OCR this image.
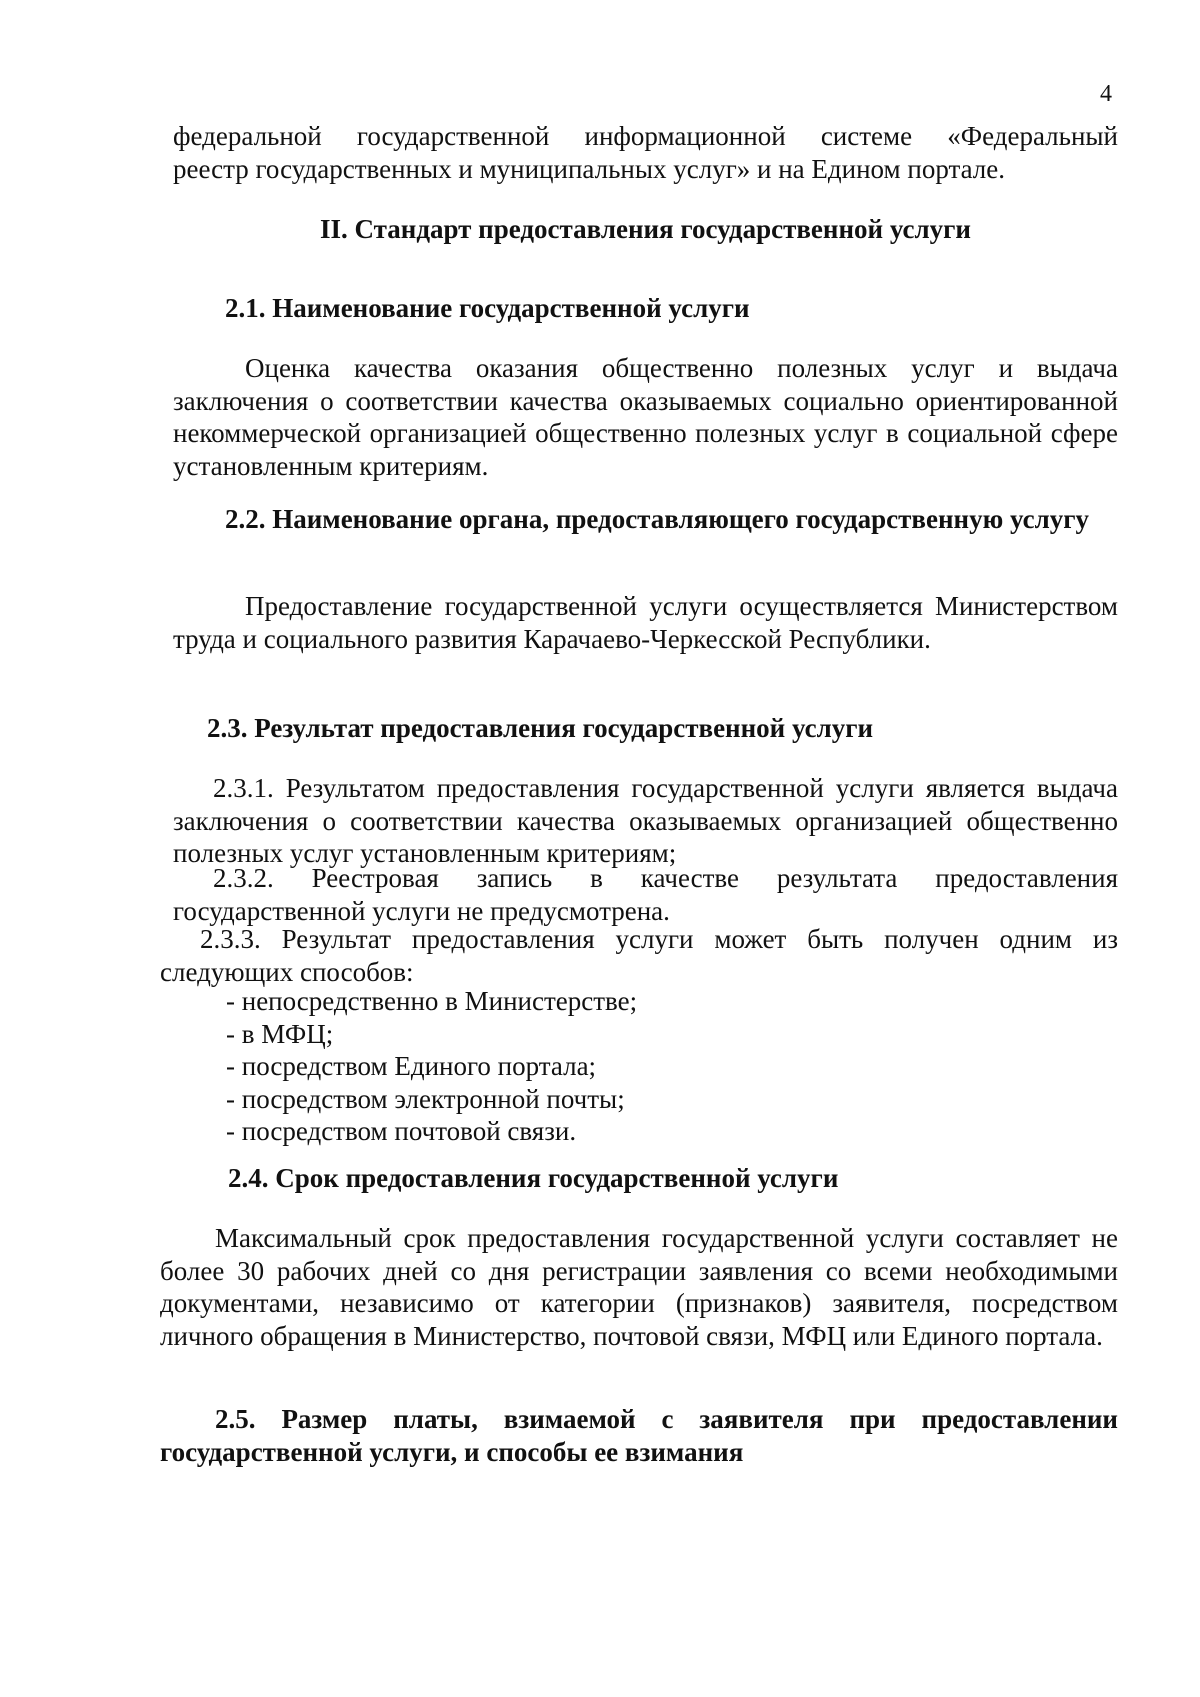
4
федеральной государственной информационной системе «Федеральный
реестр государственных и муниципальных услуг» и на Едином портале.
II. Стандарт предоставления государственной услуги
2.1. Наименование государственной услуги
Оценка качества оказания общественно полезных услуг и выдача заключения о соответствии качества оказываемых социально ориентированной некоммерческой организацией общественно полезных услуг в социальной сфере установленным критериям.
2.2. Наименование органа, предоставляющего государственную услугу
Предоставление государственной услуги осуществляется Министерством труда и социального развития Карачаево-Черкесской Республики.
2.3. Результат предоставления государственной услуги
2.3.1. Результатом предоставления государственной услуги является выдача заключения о соответствии качества оказываемых организацией общественно полезных услуг установленным критериям;
2.3.2. Реестровая запись в качестве результата предоставления государственной услуги не предусмотрена.
2.3.3. Результат предоставления услуги может быть получен одним из следующих способов:
- непосредственно в Министерстве;
- в МФЦ;
- посредством Единого портала;
- посредством электронной почты;
- посредством почтовой связи.
2.4. Срок предоставления государственной услуги
Максимальный срок предоставления государственной услуги составляет не более 30 рабочих дней со дня регистрации заявления со всеми необходимыми документами, независимо от категории (признаков) заявителя, посредством личного обращения в Министерство, почтовой связи, МФЦ или Единого портала.
2.5. Размер платы, взимаемой с заявителя при предоставлении государственной услуги, и способы ее взимания
